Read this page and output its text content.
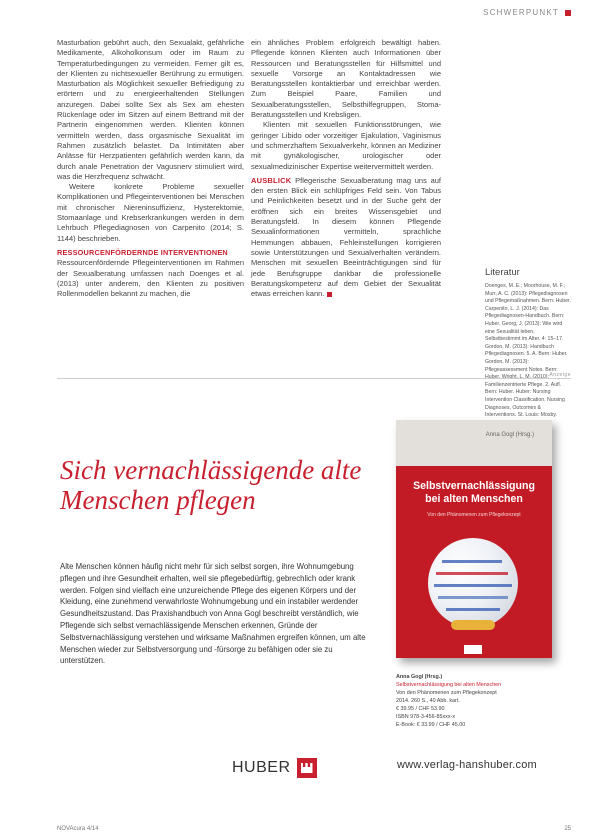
SCHWERPUNKT

Masturbation gebührt auch, den Sexualakt, gefährliche Medikamente, Alkoholkonsum oder im Raum zu Temperaturbedingungen zu vermeiden. Ferner gilt es, der Klienten zu nichtsexueller Berührung zu ermutigen. Masturbation als Möglichkeit sexueller Befriedigung zu erörtern und zu energieerhaltenden Stellungen anzuregen. Dabei sollte Sex als Sex am ehesten Rückenlage oder im Sitzen auf einem Bettrand mit der Partnerin eingenommen werden. Klienten können vermitteln werden, dass orgasmische Sexualität im Rahmen zusätzlich belastet. Da Intimitäten aber Anlässe für Herzpatienten gefährlich werden kann, da durch anale Penetration der Vagusnerv stimuliert wird, was die Herzfrequenz schwächt.

Weitere konkrete Probleme sexueller Komplikationen und Pflegeinterventionen bei Menschen mit chronischer Niereninsuffizienz, Hysterektomie, Stomaanlage und Krebserkrankungen werden in dem Lehrbuch Pflegediagnosen von Carpenito (2014; S. 1144) beschrieben.

RESSOURCENFÖRDERNDE INTERVENTIONEN

Ressourcenfördernde Pflegeinterventionen im Rahmen der Sexualberatung umfassen nach Doenges et al. (2013) unter anderem, den Klienten zu positiven Rollenmodellen bekannt zu machen, die

ein ähnliches Problem erfolgreich bewältigt haben. Pflegende können Klienten auch Informationen über Ressourcen und Beratungsstellen für Hilfsmittel und sexuelle Vorsorge an Kontaktadressen wie Beratungsstellen kontaktierbar und erreichbar werden. Zum Beispiel Paare, Familien und Sexualberatungsstellen, Selbsthilfegruppen, Stoma-Beratungsstellen und Krebsligen.

Klienten mit sexuellen Funktionsstörungen, wie geringer Libido oder vorzeitiger Ejakulation, Vaginismus und schmerzhaftem Sexualverkehr, können an Mediziner mit gynäkologischer, urologischer oder sexualmedizinischer Expertise weitervermittelt werden.

AUSBLICK Pflegerische Sexualberatung mag uns auf den ersten Blick ein schlüpfriges Feld sein. Von Tabus und Peinlichkeiten besetzt und in der Suche geht der eröffnen sich ein breites Wissensgebiet und Beratungsfeld. In diesem können Pflegende Sexualinformationen vermitteln, sprachliche Hemmungen abbauen, Fehleinstellungen korrigieren sowie Unterstützungen und Sexualverhalten verändern. Menschen mit sexuellen Beeinträchtigungen sind für jede Berufsgruppe dankbar die professionelle Beratungskompetenz auf dem Gebiet der Sexualität etwas erreichen kann.

Literatur
Doenges, M. E.; Moorhouse, M. F.; Murr, A. C. (2013): Pflegediagnosen und Pflegemaßnahmen. Bern: Huber. Carpenito, L. J. (2014): Das Pflegediagnosen-Handbuch. Bern: Huber. Georg, J. (2013): Wie wird eine Sexualität leben. Selbstbestimmt im Alter. 4: 15–17. Gordon, M. (2013): Handbuch Pflegediagnosen. 5. A. Bern: Huber. Gordon, M. (2013): Pflegeassessment Notes. Bern: Familienzentrierte Pflege. 2. Aufl. Bern: Huber. Huber: Nursing Intervention Classification. Nursing Diagnoses, Outcomes & Interventions. St. Louis: Mosby.
Anzeige
Sich vernachlässigende alte Menschen pflegen

Alte Menschen können häufig nicht mehr für sich selbst sorgen, ihre Wohnumgebung pflegen und ihre Gesundheit erhalten, weil sie pflegebedürftig, gebrechlich oder krank werden. Folgen sind vielfach eine unzureichende Pflege des eigenen Körpers und der Kleidung, eine zunehmend verwahrloste Wohnumgebung und ein instabiler werdender Gesundheitszustand. Das Praxishandbuch von Anna Gogl beschreibt verständlich, wie Pflegende sich selbst vernachlässigende Menschen erkennen, Gründe der Selbstvernachlässigung verstehen und wirksame Maßnahmen ergreifen können, um alte Menschen wieder zur Selbstversorgung und -fürsorge zu befähigen oder sie zu unterstützen.

Anna Gogl (Hrsg.)
Selbstvernachlässigung bei alten Menschen
Von den Phänomenen zum Pflegekonzept
Anna Gogl (Hrsg.)
Selbstvernachlässigung bei alten Menschen
Von den Phänomenen zum Pflegekonzept
2014. 260 S., 40 Abb. kart.
€ 39.95 / CHF 53.90
ISBN 978-3-456-85xxx-x
E-Book: € 33.99 / CHF 45.00
HUBER	www.verlag-hanshuber.com
NOVAcura 4/14	25
